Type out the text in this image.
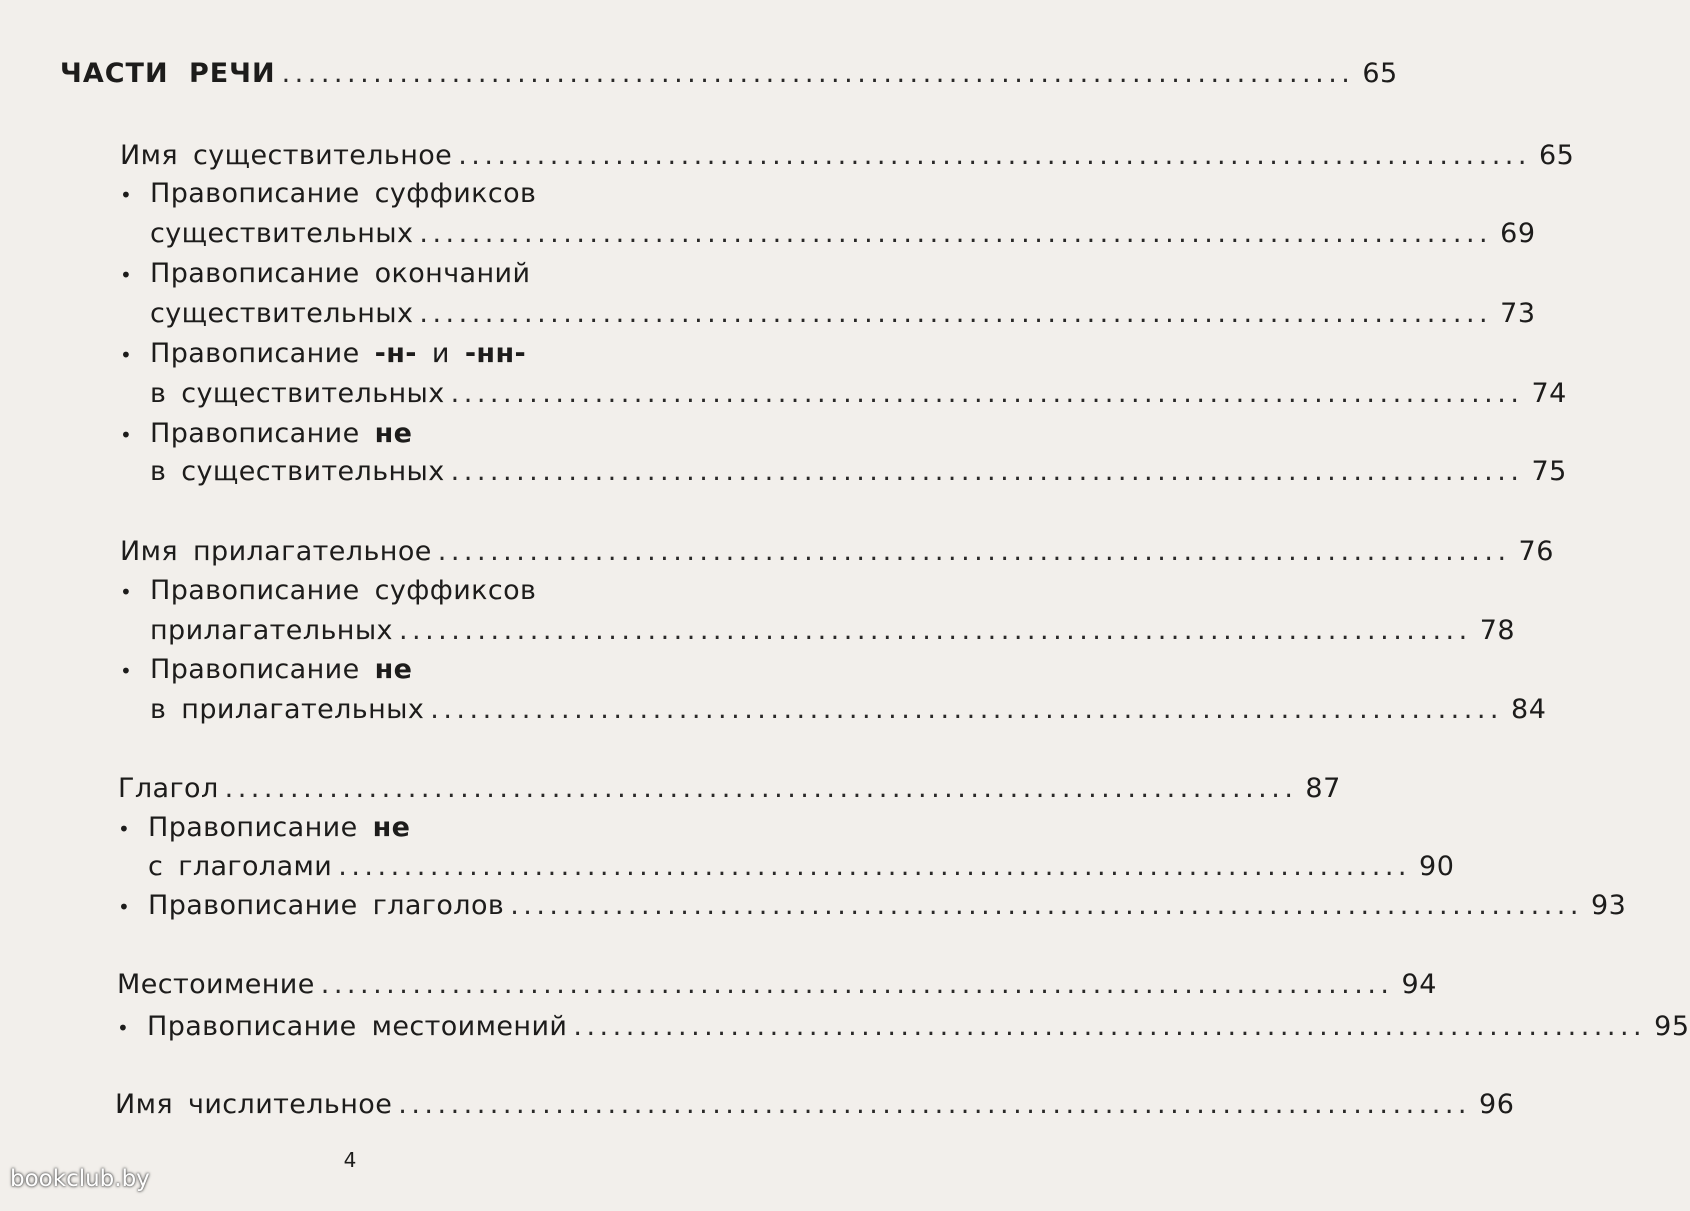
ЧАСТИ РЕЧИ .................................................................................. 65
Имя существительное .................................................................................. 65
• Правописание суффиксов
существительных .................................................................................. 69
• Правописание окончаний
существительных .................................................................................. 73
• Правописание -н- и -нн-
в существительных .................................................................................. 74
• Правописание не
в существительных .................................................................................. 75
Имя прилагательное .................................................................................. 76
• Правописание суффиксов
прилагательных .................................................................................. 78
• Правописание не
в прилагательных .................................................................................. 84
Глагол .................................................................................. 87
• Правописание не
с глаголами .................................................................................. 90
• Правописание глаголов .................................................................................. 93
Местоимение .................................................................................. 94
• Правописание местоимений .................................................................................. 95
Имя числительное .................................................................................. 96
4
bookclub.by
